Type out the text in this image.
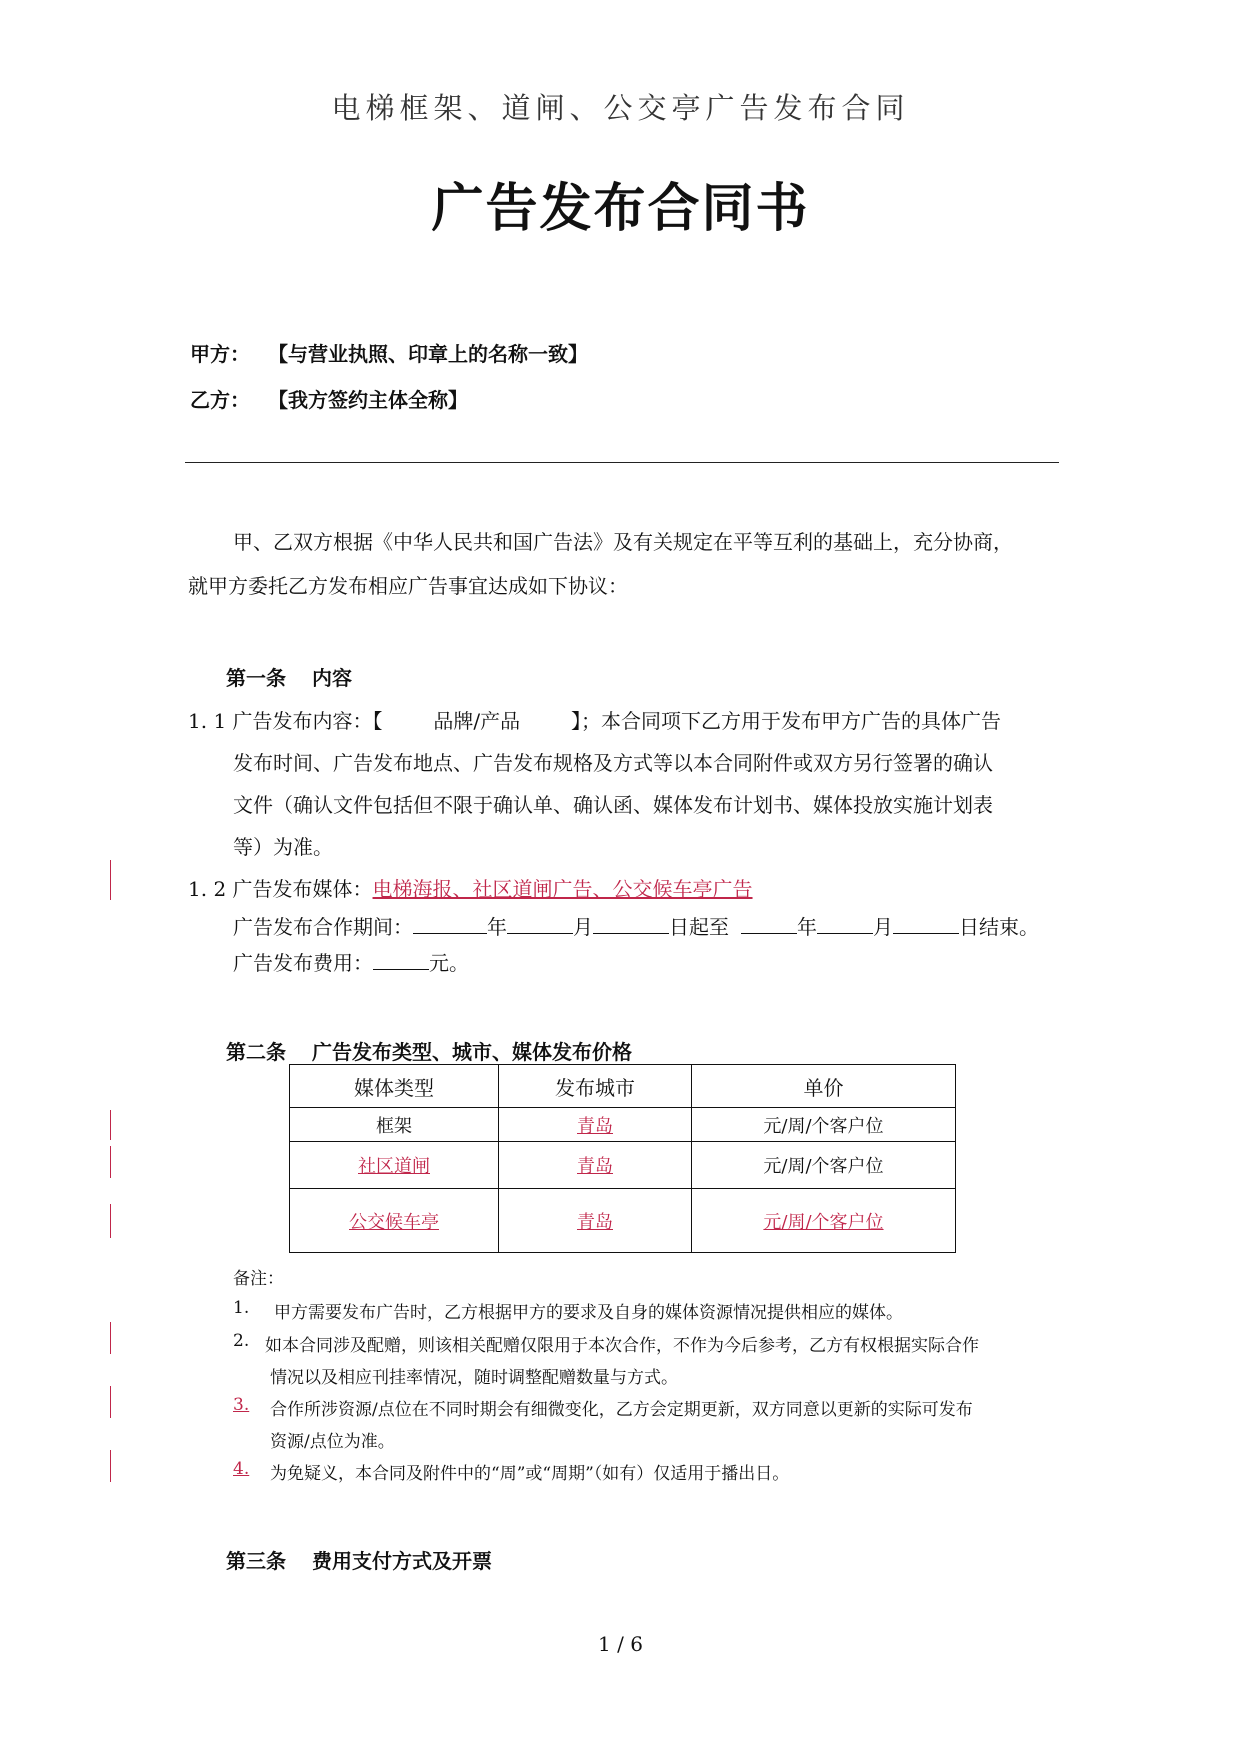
电梯框架、道闸、公交亭广告发布合同
广告发布合同书
甲方： 【与营业执照、印章上的名称一致】
乙方： 【我方签约主体全称】
甲、乙双方根据《中华人民共和国广告法》及有关规定在平等互利的基础上，充分协商，
就甲方委托乙方发布相应广告事宜达成如下协议：
第一条 内容
1. 1 广告发布内容：【        品牌/产品        】；本合同项下乙方用于发布甲方广告的具体广告
发布时间、广告发布地点、广告发布规格及方式等以本合同附件或双方另行签署的确认
文件（确认文件包括但不限于确认单、确认函、媒体发布计划书、媒体投放实施计划表
等）为准。
1. 2 广告发布媒体：电梯海报、社区道闸广告、公交候车亭广告
广告发布合作期间：	年	月	日起至	年	月	日结束。
广告发布费用：	元。
第二条 广告发布类型、城市、媒体发布价格
媒体类型	发布城市	单价
框架	青岛	元/周/个客户位
社区道闸	青岛	元/周/个客户位
公交候车亭	青岛	元/周/个客户位
备注：
1. 甲方需要发布广告时，乙方根据甲方的要求及自身的媒体资源情况提供相应的媒体。
2. 如本合同涉及配赠，则该相关配赠仅限用于本次合作，不作为今后参考，乙方有权根据实际合作
情况以及相应刊挂率情况，随时调整配赠数量与方式。
3. 合作所涉资源/点位在不同时期会有细微变化，乙方会定期更新，双方同意以更新的实际可发布
资源/点位为准。
4. 为免疑义，本合同及附件中的“周”或“周期”（如有）仅适用于播出日。
第三条 费用支付方式及开票
1 / 6
